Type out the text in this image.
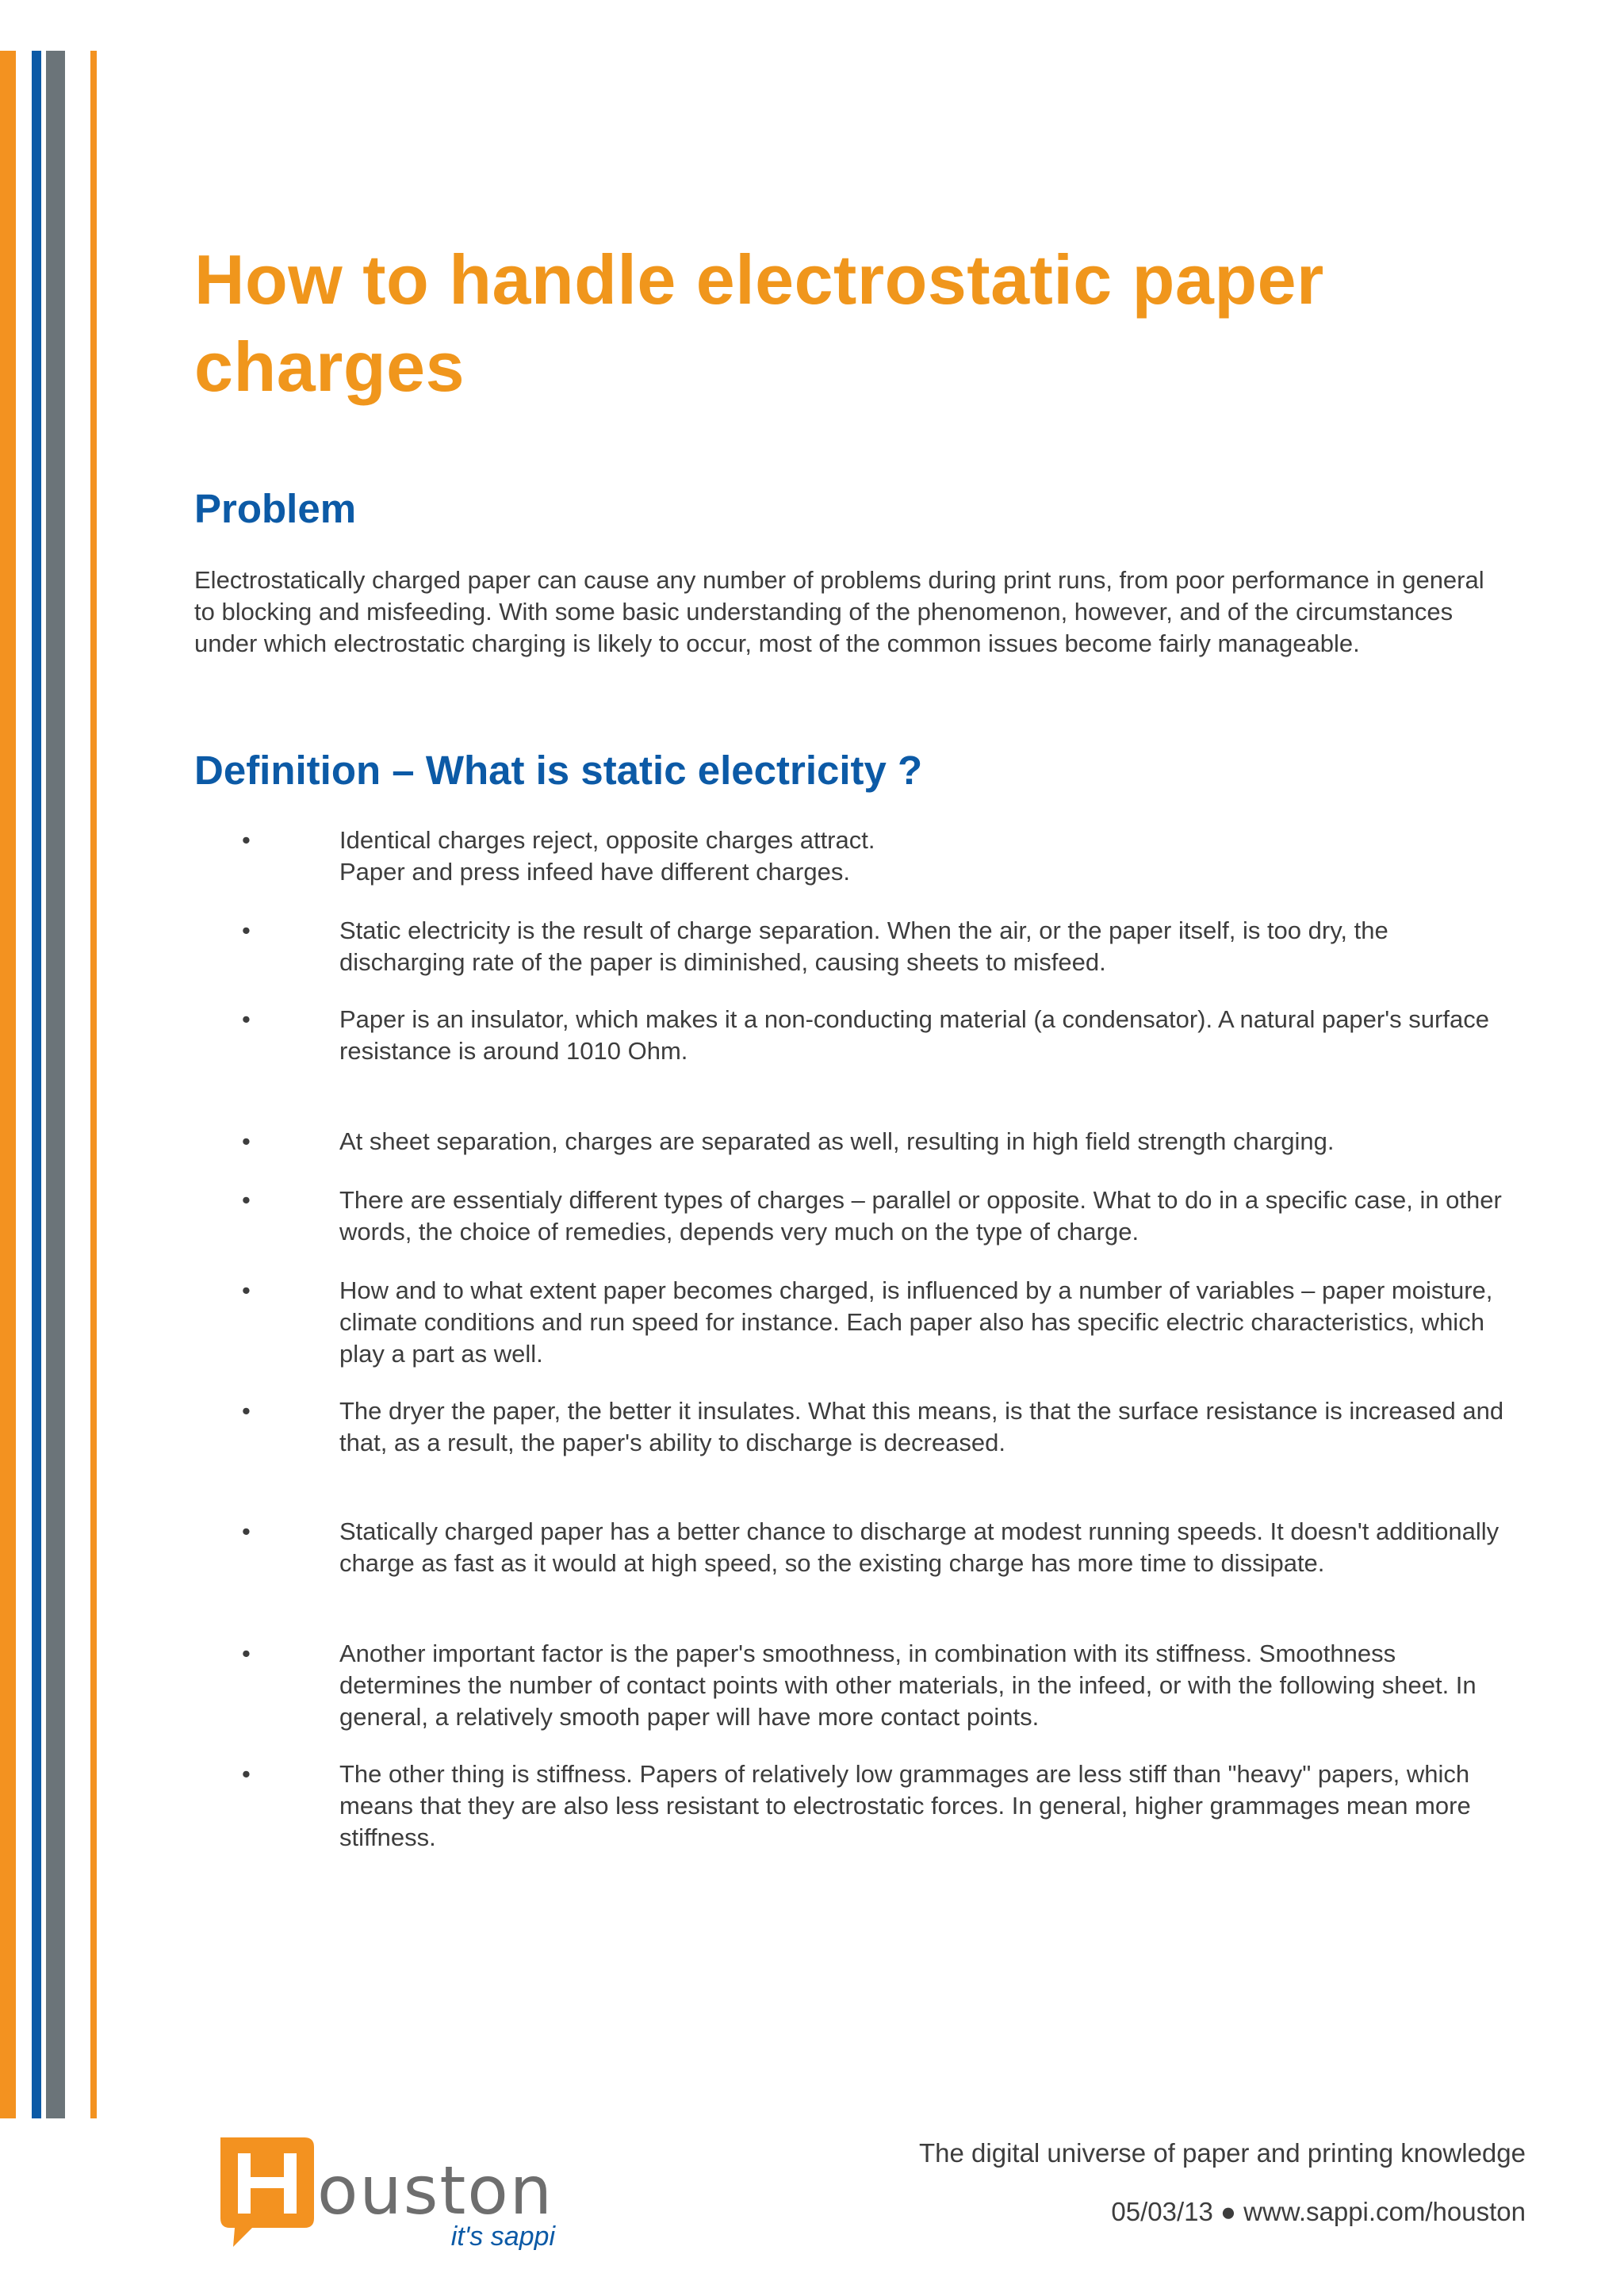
How to handle electrostatic paper charges
Problem

Electrostatically charged paper can cause any number of problems during print runs, from poor performance in general to blocking and misfeeding. With some basic understanding of the phenomenon, however, and of the circumstances under which electrostatic charging is likely to occur, most of the common issues become fairly manageable.

Definition – What is static electricity ?
•	Identical charges reject, opposite charges attract.
Paper and press infeed have different charges.
•	Static electricity is the result of charge separation. When the air, or the paper itself, is too dry, the discharging rate of the paper is diminished, causing sheets to misfeed.
•	Paper is an insulator, which makes it a non-conducting material (a condensator). A natural paper's surface resistance is around 1010 Ohm.
•	At sheet separation, charges are separated as well, resulting in high field strength charging.
•	There are essentialy different types of charges – parallel or opposite. What to do in a specific case, in other words, the choice of remedies, depends very much on the type of charge.
•	How and to what extent paper becomes charged, is influenced by a number of variables – paper moisture, climate conditions and run speed for instance. Each paper also has specific electric characteristics, which play a part as well.
•	The dryer the paper, the better it insulates. What this means, is that the surface resistance is increased and that, as a result, the paper's ability to discharge is decreased.
•	Statically charged paper has a better chance to discharge at modest running speeds. It doesn't additionally charge as fast as it would at high speed, so the existing charge has more time to dissipate.
•	Another important factor is the paper's smoothness, in combination with its stiffness. Smoothness determines the number of contact points with other materials, in the infeed, or with the following sheet. In general, a relatively smooth paper will have more contact points.
•	The other thing is stiffness. Papers of relatively low grammages are less stiff than "heavy" papers, which means that they are also less resistant to electrostatic forces. In general, higher grammages mean more stiffness.
ouston
it's sappi
The digital universe of paper and printing knowledge
05/03/13 ● www.sappi.com/houston
